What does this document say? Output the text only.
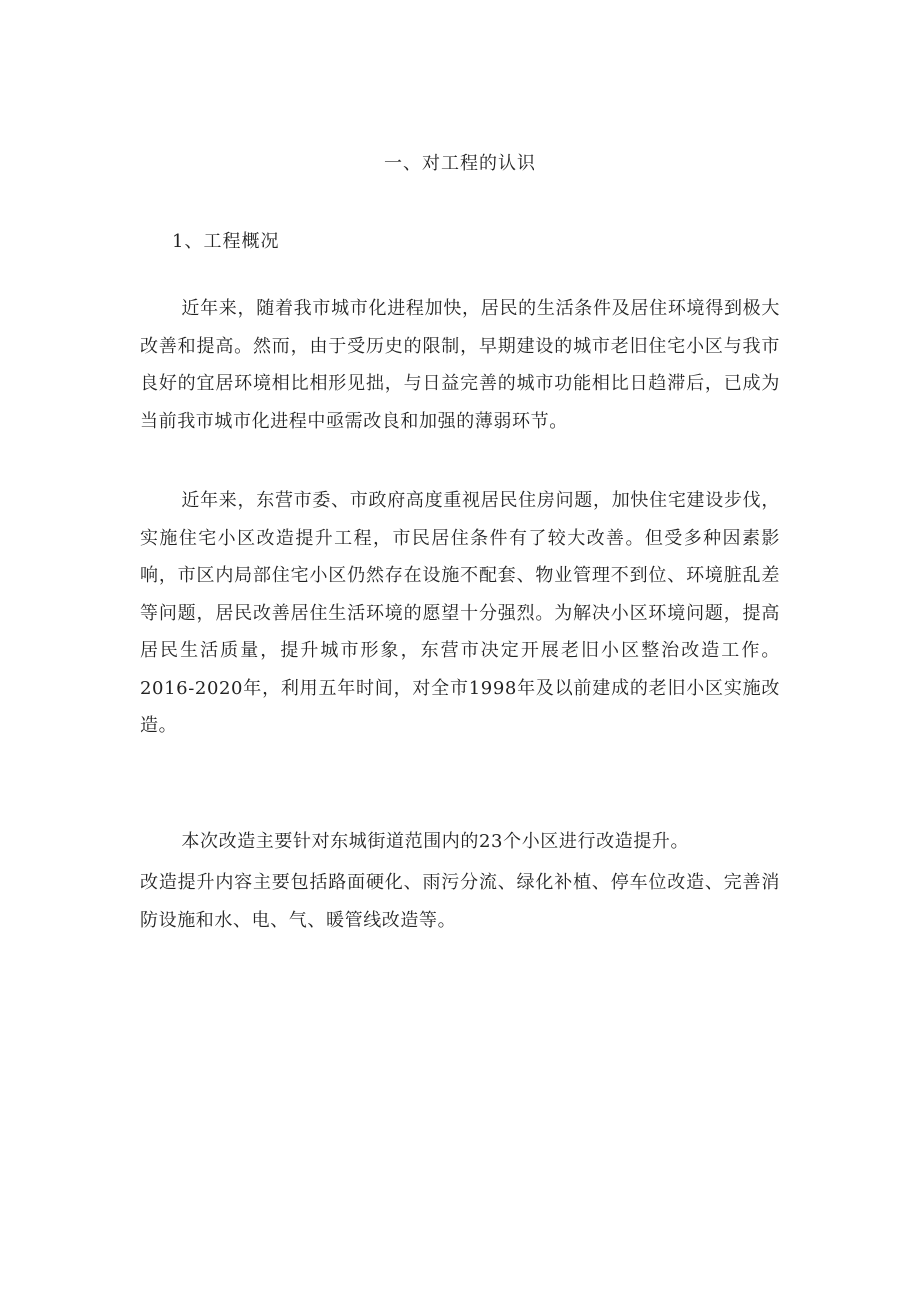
一、对工程的认识
1、工程概况

近年来，随着我市城市化进程加快，居民的生活条件及居住环境得到极大改善和提高。然而，由于受历史的限制，早期建设的城市老旧住宅小区与我市良好的宜居环境相比相形见拙，与日益完善的城市功能相比日趋滞后，已成为当前我市城市化进程中亟需改良和加强的薄弱环节。

近年来，东营市委、市政府高度重视居民住房问题，加快住宅建设步伐，实施住宅小区改造提升工程，市民居住条件有了较大改善。但受多种因素影响，市区内局部住宅小区仍然存在设施不配套、物业管理不到位、环境脏乱差等问题，居民改善居住生活环境的愿望十分强烈。为解决小区环境问题，提高居民生活质量，提升城市形象，东营市决定开展老旧小区整治改造工作。2016-2020年，利用五年时间，对全市1998年及以前建成的老旧小区实施改造。

本次改造主要针对东城街道范围内的23个小区进行改造提升。

改造提升内容主要包括路面硬化、雨污分流、绿化补植、停车位改造、完善消防设施和水、电、气、暖管线改造等。
